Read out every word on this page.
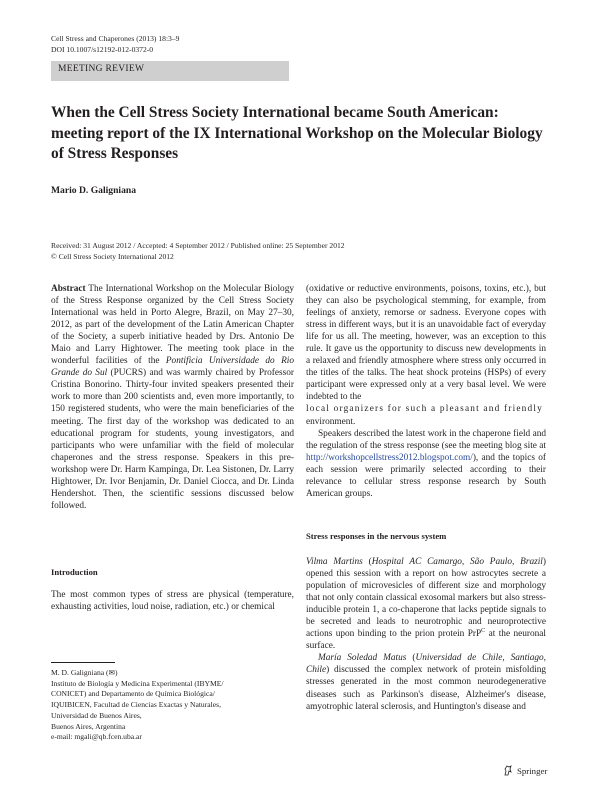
Cell Stress and Chaperones (2013) 18:3–9
DOI 10.1007/s12192-012-0372-0
MEETING REVIEW
When the Cell Stress Society International became South American: meeting report of the IX International Workshop on the Molecular Biology of Stress Responses
Mario D. Galigniana
Received: 31 August 2012 / Accepted: 4 September 2012 / Published online: 25 September 2012
© Cell Stress Society International 2012

Abstract The International Workshop on the Molecular Biology of the Stress Response organized by the Cell Stress Society International was held in Porto Alegre, Brazil, on May 27–30, 2012, as part of the development of the Latin American Chapter of the Society, a superb initiative headed by Drs. Antonio De Maio and Larry Hightower. The meeting took place in the wonderful facilities of the Pontificia Universidade do Rio Grande do Sul (PUCRS) and was warmly chaired by Professor Cristina Bonorino. Thirty-four invited speakers presented their work to more than 200 scientists and, even more importantly, to 150 registered students, who were the main beneficiaries of the meeting. The first day of the workshop was dedicated to an educational program for students, young investigators, and participants who were unfamiliar with the field of molecular chaperones and the stress response. Speakers in this pre-workshop were Dr. Harm Kampinga, Dr. Lea Sistonen, Dr. Larry Hightower, Dr. Ivor Benjamin, Dr. Daniel Ciocca, and Dr. Linda Hendershot. Then, the scientific sessions discussed below followed.

Introduction
The most common types of stress are physical (temperature, exhausting activities, loud noise, radiation, etc.) or chemical
M. D. Galigniana (✉)
Instituto de Biología y Medicina Experimental (IBYME/
CONICET) and Departamento de Química Biológica/
IQUIBICEN, Facultad de Ciencias Exactas y Naturales,
Universidad de Buenos Aires,
Buenos Aires, Argentina
e-mail: mgali@qb.fcen.uba.ar

(oxidative or reductive environments, poisons, toxins, etc.), but they can also be psychological stemming, for example, from feelings of anxiety, remorse or sadness. Everyone copes with stress in different ways, but it is an unavoidable fact of everyday life for us all. The meeting, however, was an exception to this rule. It gave us the opportunity to discuss new developments in a relaxed and friendly atmosphere where stress only occurred in the titles of the talks. The heat shock proteins (HSPs) of every participant were expressed only at a very basal level. We were indebted to the

local organizers for such a pleasant and friendly

environment.

Speakers described the latest work in the chaperone field and the regulation of the stress response (see the meeting blog site at http://workshopcellstress2012.blogspot.com/), and the topics of each session were primarily selected according to their relevance to cellular stress response research by South American groups.

Stress responses in the nervous system

Vilma Martins (Hospital AC Camargo, São Paulo, Brazil) opened this session with a report on how astrocytes secrete a population of microvesicles of different size and morphology that not only contain classical exosomal markers but also stress-inducible protein 1, a co-chaperone that lacks peptide signals to be secreted and leads to neurotrophic and neuroprotective actions upon binding to the prion protein PrP$^C$ at the neuronal surface.

María Soledad Matus (Universidad de Chile, Santiago, Chile) discussed the complex network of protein misfolding stresses generated in the most common neurodegenerative diseases such as Parkinson's disease, Alzheimer's disease, amyotrophic lateral sclerosis, and Huntington's disease and

Springer
